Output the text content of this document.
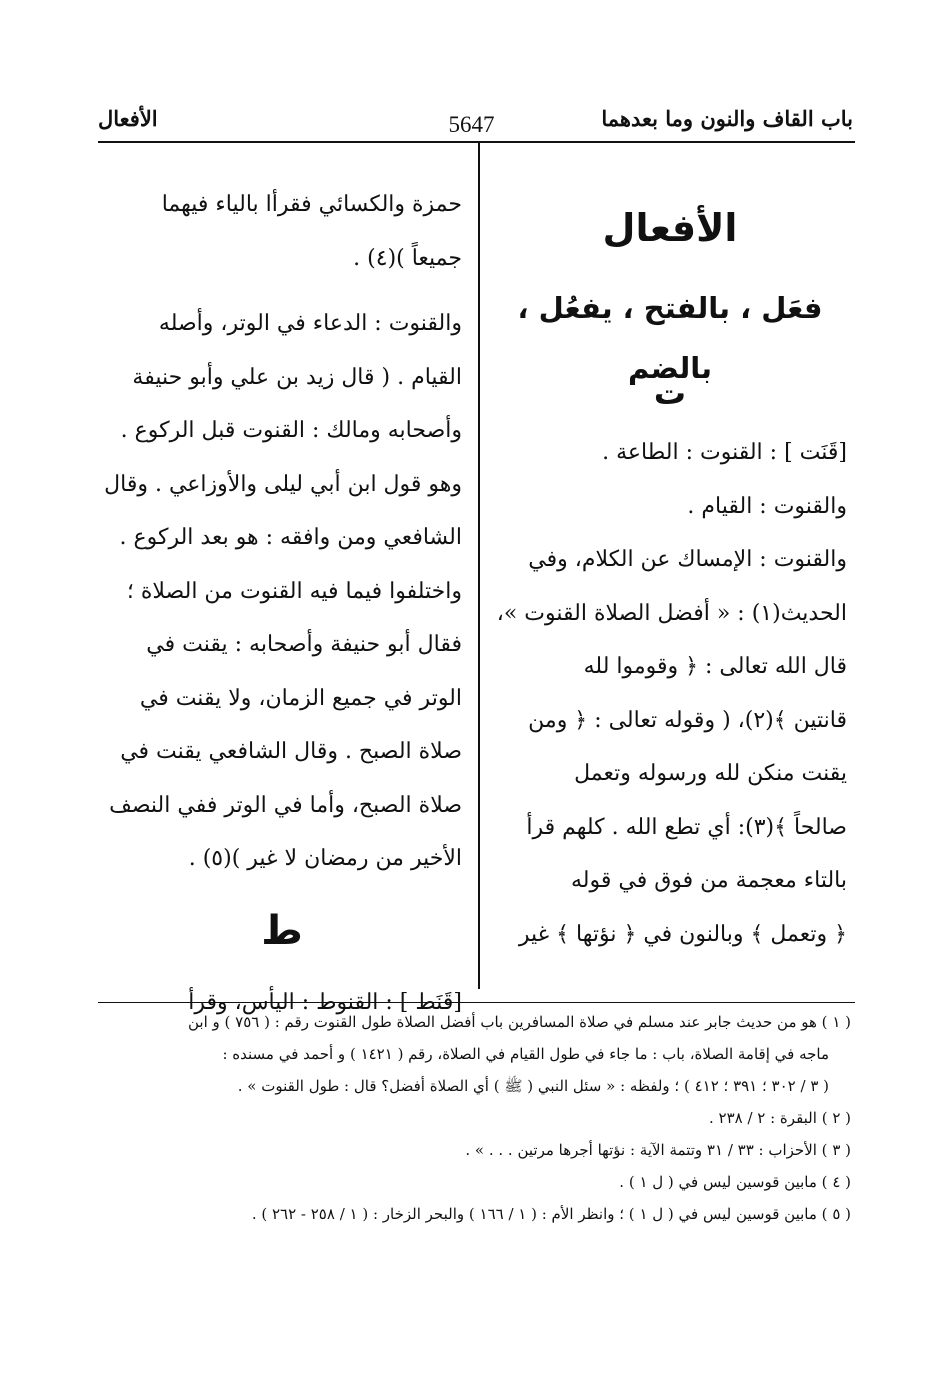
باب القاف والنون وما بعدهما
5647
الأفعال
الأفعال
فعَل ، بالفتح ، يفعُل ، بالضم
ت
[قَنَت ] : القنوت : الطاعة .
والقنوت : القيام .
والقنوت : الإمساك عن الكلام، وفي
الحديث(١) : « أفضل الصلاة القنوت »،
قال الله تعالى : ﴿ وقوموا لله
قانتين ﴾(٢)، ( وقوله تعالى : ﴿ ومن
يقنت منكن لله ورسوله وتعمل
صالحاً ﴾(٣): أي تطع الله . كلهم قرأ
بالتاء معجمة من فوق في قوله
﴿ وتعمل ﴾ وبالنون في ﴿ نؤتها ﴾ غير
حمزة والكسائي فقرأا بالياء فيهما
جميعاً )(٤) .
والقنوت : الدعاء في الوتر، وأصله
القيام . ( قال زيد بن علي وأبو حنيفة
وأصحابه ومالك : القنوت قبل الركوع .
وهو قول ابن أبي ليلى والأوزاعي . وقال
الشافعي ومن وافقه : هو بعد الركوع .
واختلفوا فيما فيه القنوت من الصلاة ؛
فقال أبو حنيفة وأصحابه : يقنت في
الوتر في جميع الزمان، ولا يقنت في
صلاة الصبح . وقال الشافعي يقنت في
صلاة الصبح، وأما في الوتر ففي النصف
الأخير من رمضان لا غير )(٥) .
ط
[قَنَط ] : القنوط : اليأس، وقرأ
( ١ ) هو من حديث جابر عند مسلم في صلاة المسافرين باب أفضل الصلاة طول القنوت رقم : ( ٧٥٦ ) و ابن
ماجه في إقامة الصلاة، باب : ما جاء في طول القيام في الصلاة، رقم ( ١٤٢١ ) و أحمد في مسنده :
( ٣ / ٣٠٢ ؛ ٣٩١ ؛ ٤١٢ ) ؛ ولفظه : « سئل النبي ( ﷺ ) أي الصلاة أفضل؟ قال : طول القنوت » .
( ٢ ) البقرة : ٢ / ٢٣٨ .
( ٣ ) الأحزاب : ٣٣ / ٣١ وتتمة الآية : نؤتها أجرها مرتين . . . » .
( ٤ ) مابين قوسين ليس في ( ل ١ ) .
( ٥ ) مابين قوسين ليس في ( ل ١ ) ؛ وانظر الأم : ( ١ / ١٦٦ ) والبحر الزخار : ( ١ / ٢٥٨ - ٢٦٢ ) .
